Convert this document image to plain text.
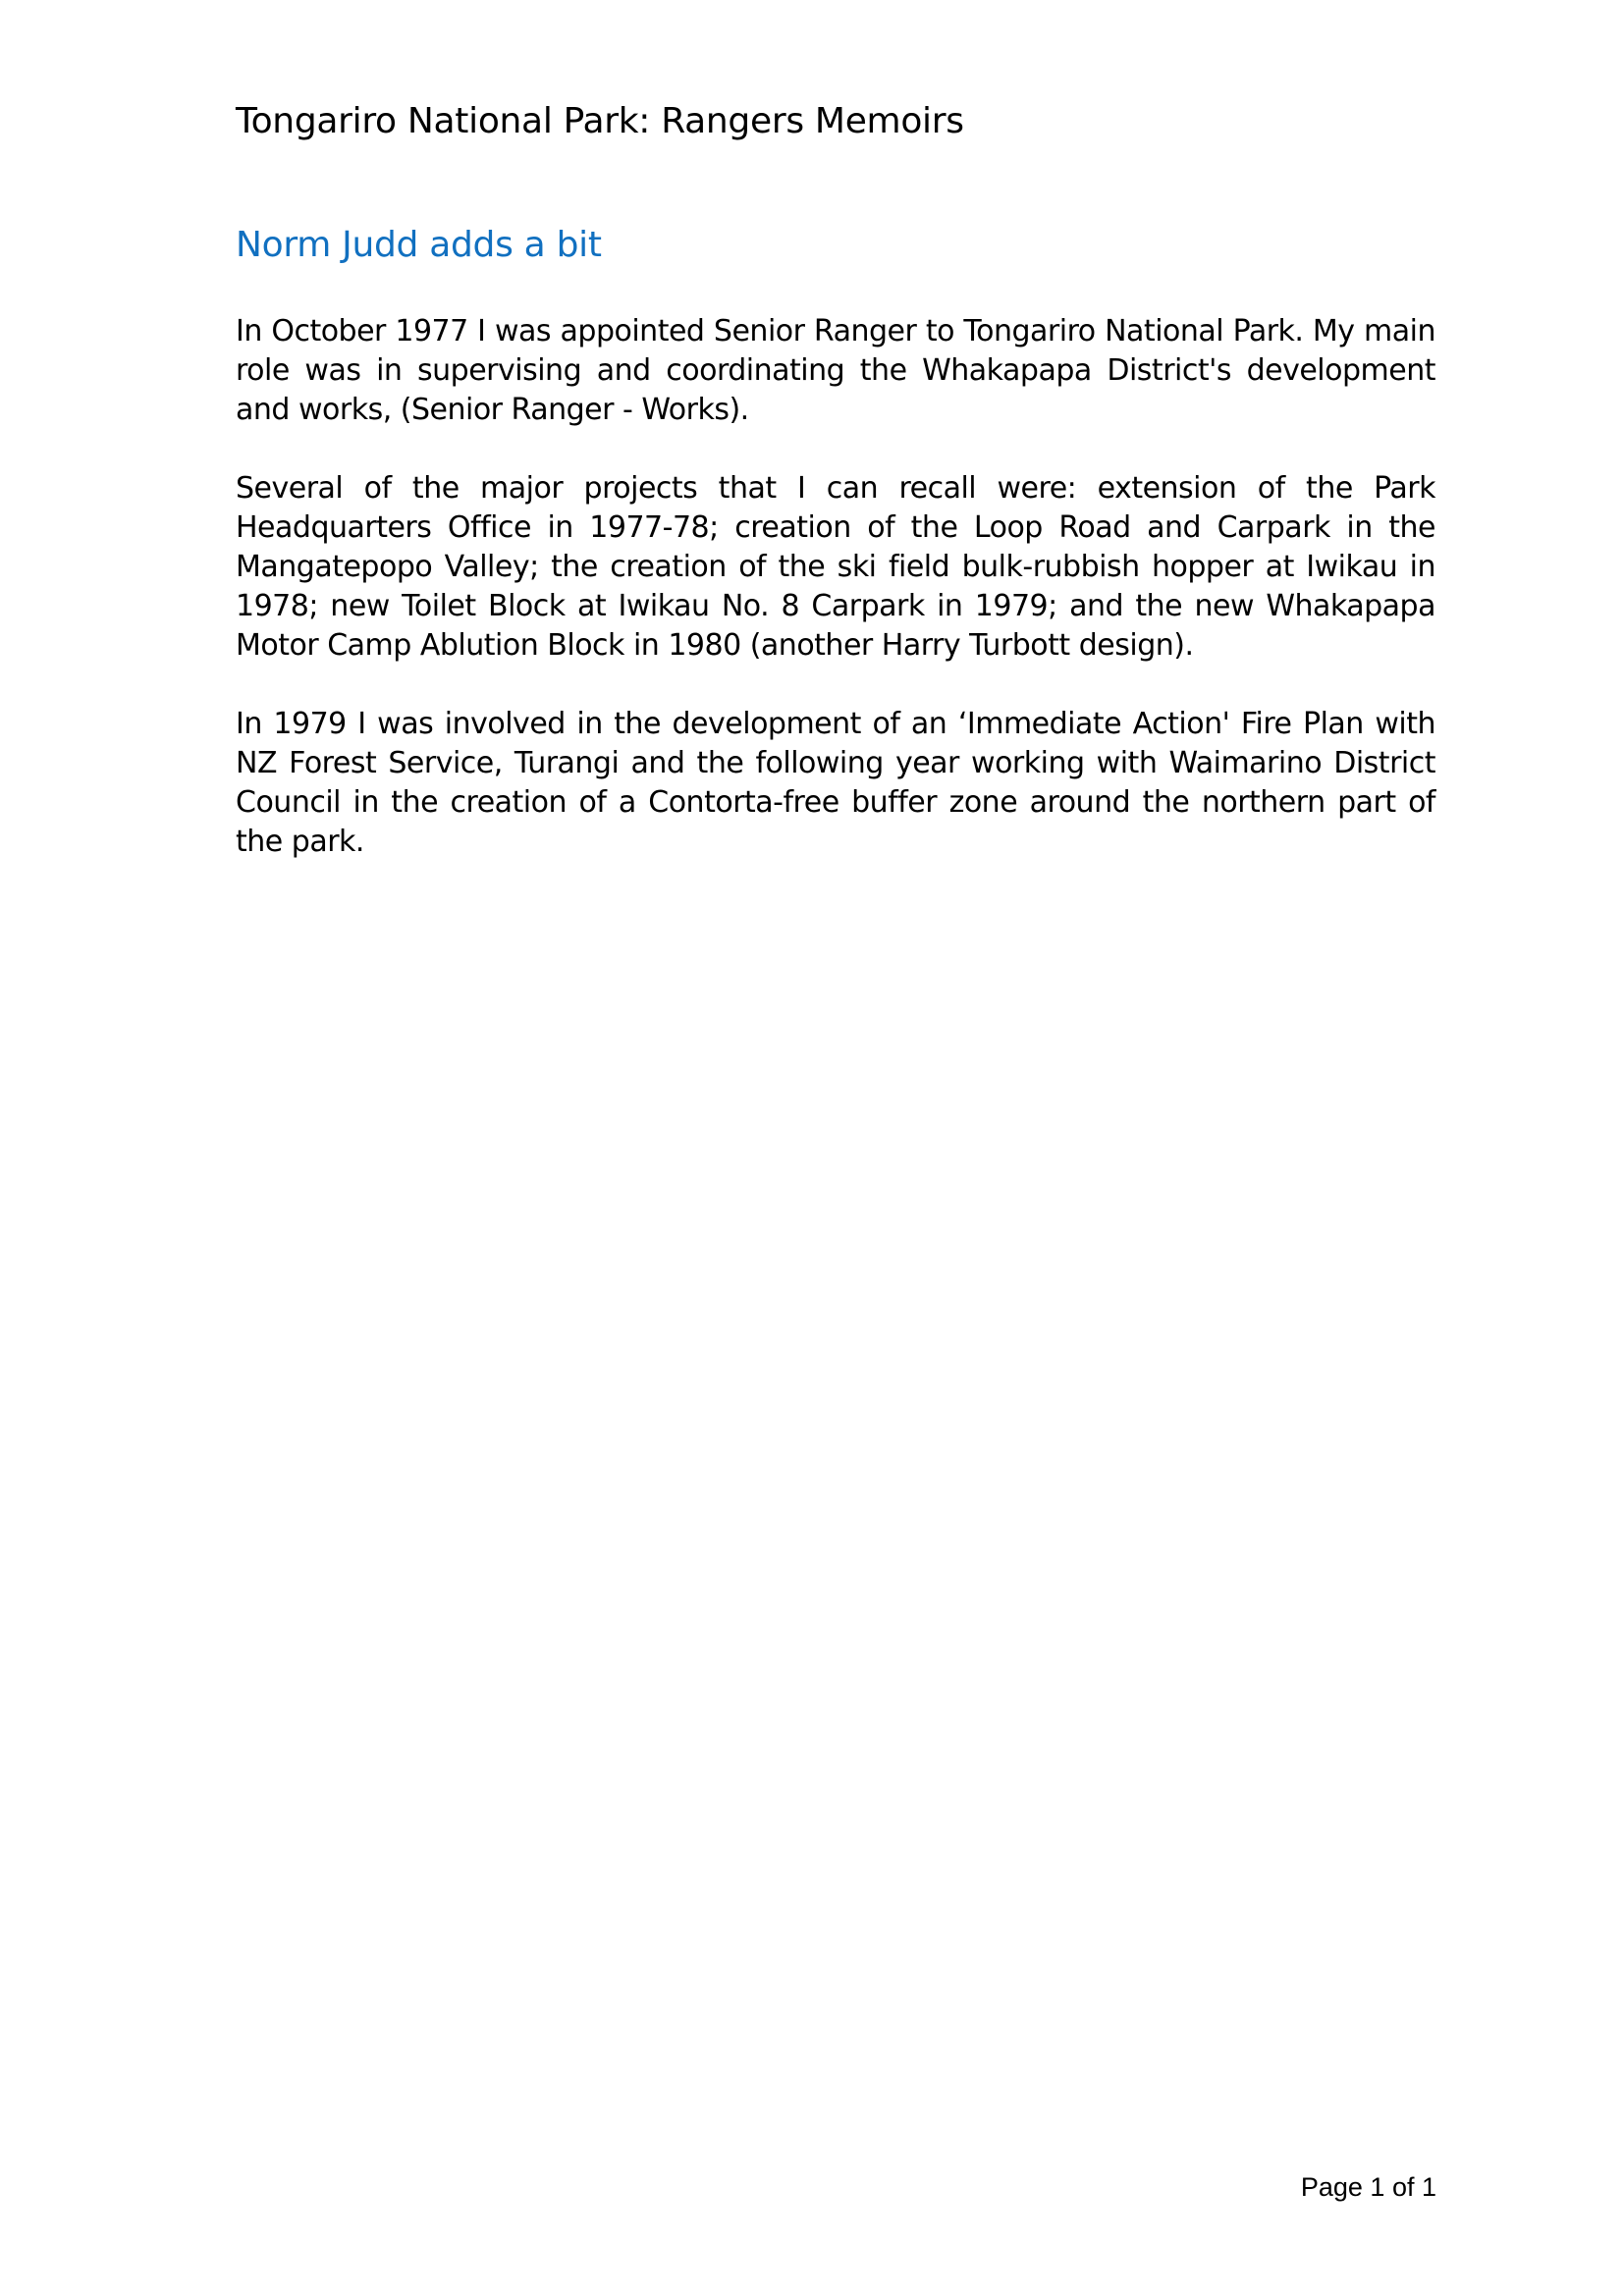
Tongariro National Park: Rangers Memoirs
Norm Judd adds a bit

In October 1977 I was appointed Senior Ranger to Tongariro National Park. My main role was in supervising and coordinating the Whakapapa District's development and works, (Senior Ranger - Works).

Several of the major projects that I can recall were: extension of the Park Headquarters Office in 1977-78; creation of the Loop Road and Carpark in the Mangatepopo Valley; the creation of the ski field bulk-rubbish hopper at Iwikau in 1978; new Toilet Block at Iwikau No. 8 Carpark in 1979; and the new Whakapapa Motor Camp Ablution Block in 1980 (another Harry Turbott design).

In 1979 I was involved in the development of an ‘Immediate Action' Fire Plan with NZ Forest Service, Turangi and the following year working with Waimarino District Council in the creation of a Contorta-free buffer zone around the northern part of the park.

Page 1 of 1
